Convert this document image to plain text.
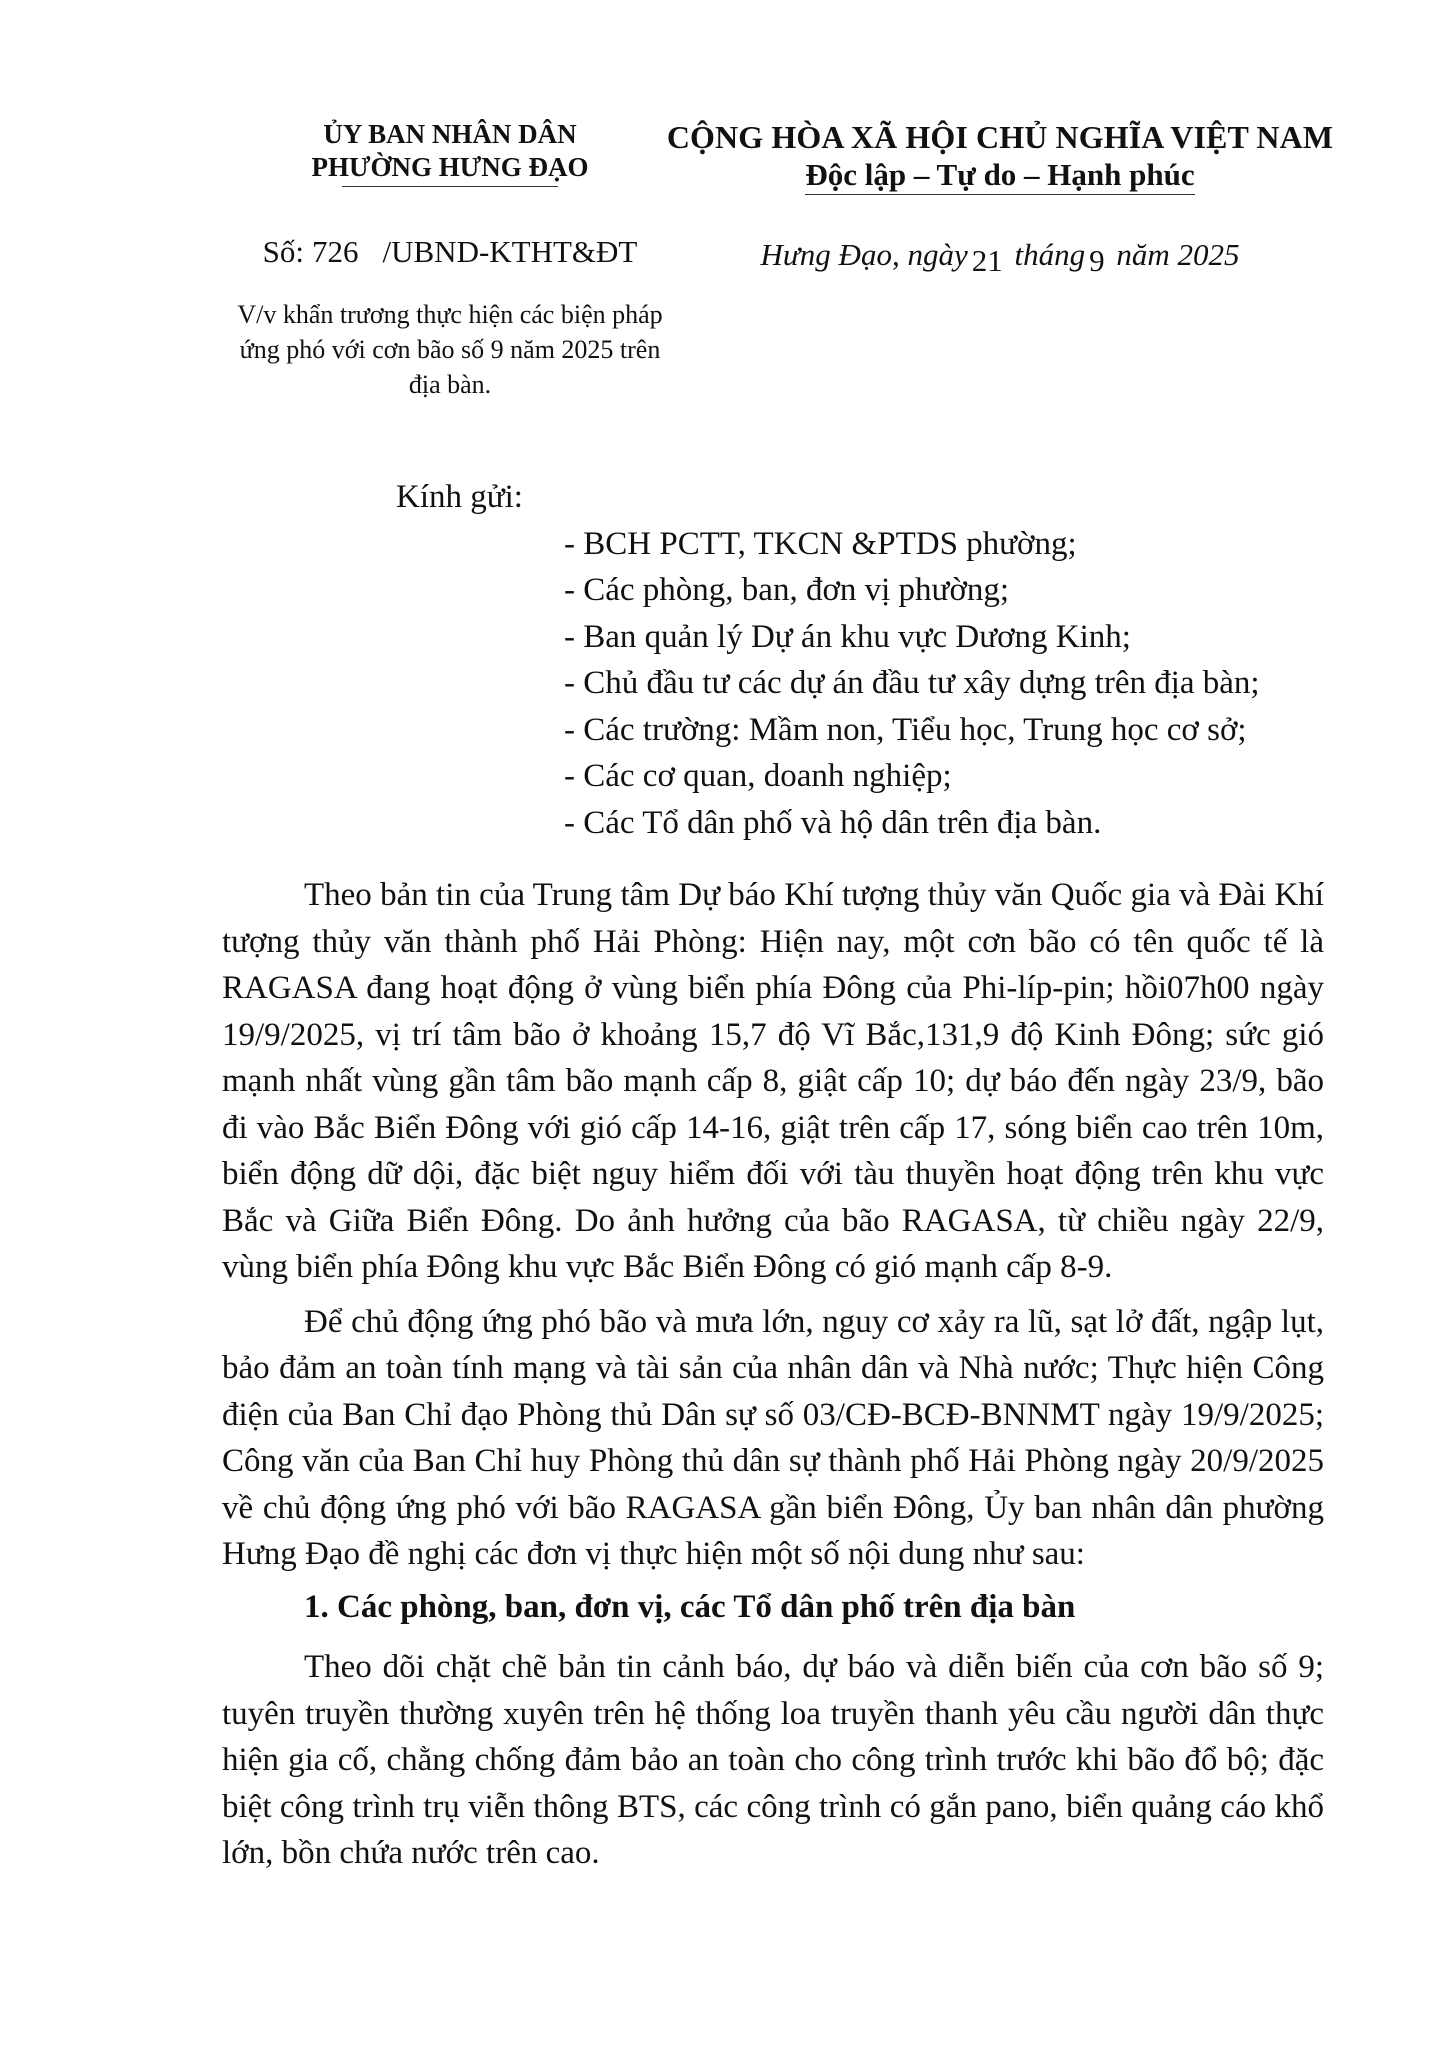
ỦY BAN NHÂN DÂN
PHƯỜNG HƯNG ĐẠO
Số: 726 /UBND-KTHT&ĐT
V/v khẩn trương thực hiện các biện pháp ứng phó với cơn bão số 9 năm 2025 trên địa bàn.
CỘNG HÒA XÃ HỘI CHỦ NGHĨA VIỆT NAM
Độc lập – Tự do – Hạnh phúc
Hưng Đạo, ngày 21 tháng 9 năm 2025
Kính gửi:
- BCH PCTT, TKCN &PTDS phường;
- Các phòng, ban, đơn vị phường;
- Ban quản lý Dự án khu vực Dương Kinh;
- Chủ đầu tư các dự án đầu tư xây dựng trên địa bàn;
- Các trường: Mầm non, Tiểu học, Trung học cơ sở;
- Các cơ quan, doanh nghiệp;
- Các Tổ dân phố và hộ dân trên địa bàn.

Theo bản tin của Trung tâm Dự báo Khí tượng thủy văn Quốc gia và Đài Khí tượng thủy văn thành phố Hải Phòng: Hiện nay, một cơn bão có tên quốc tế là RAGASA đang hoạt động ở vùng biển phía Đông của Phi-líp-pin; hồi07h00 ngày 19/9/2025, vị trí tâm bão ở khoảng 15,7 độ Vĩ Bắc,131,9 độ Kinh Đông; sức gió mạnh nhất vùng gần tâm bão mạnh cấp 8, giật cấp 10; dự báo đến ngày 23/9, bão đi vào Bắc Biển Đông với gió cấp 14-16, giật trên cấp 17, sóng biển cao trên 10m, biển động dữ dội, đặc biệt nguy hiểm đối với tàu thuyền hoạt động trên khu vực Bắc và Giữa Biển Đông. Do ảnh hưởng của bão RAGASA, từ chiều ngày 22/9, vùng biển phía Đông khu vực Bắc Biển Đông có gió mạnh cấp 8-9.

Để chủ động ứng phó bão và mưa lớn, nguy cơ xảy ra lũ, sạt lở đất, ngập lụt, bảo đảm an toàn tính mạng và tài sản của nhân dân và Nhà nước; Thực hiện Công điện của Ban Chỉ đạo Phòng thủ Dân sự số 03/CĐ-BCĐ-BNNMT ngày 19/9/2025; Công văn của Ban Chỉ huy Phòng thủ dân sự thành phố Hải Phòng ngày 20/9/2025 về chủ động ứng phó với bão RAGASA gần biển Đông, Ủy ban nhân dân phường Hưng Đạo đề nghị các đơn vị thực hiện một số nội dung như sau:

1. Các phòng, ban, đơn vị, các Tổ dân phố trên địa bàn

Theo dõi chặt chẽ bản tin cảnh báo, dự báo và diễn biến của cơn bão số 9; tuyên truyền thường xuyên trên hệ thống loa truyền thanh yêu cầu người dân thực hiện gia cố, chằng chống đảm bảo an toàn cho công trình trước khi bão đổ bộ; đặc biệt công trình trụ viễn thông BTS, các công trình có gắn pano, biển quảng cáo khổ lớn, bồn chứa nước trên cao.
